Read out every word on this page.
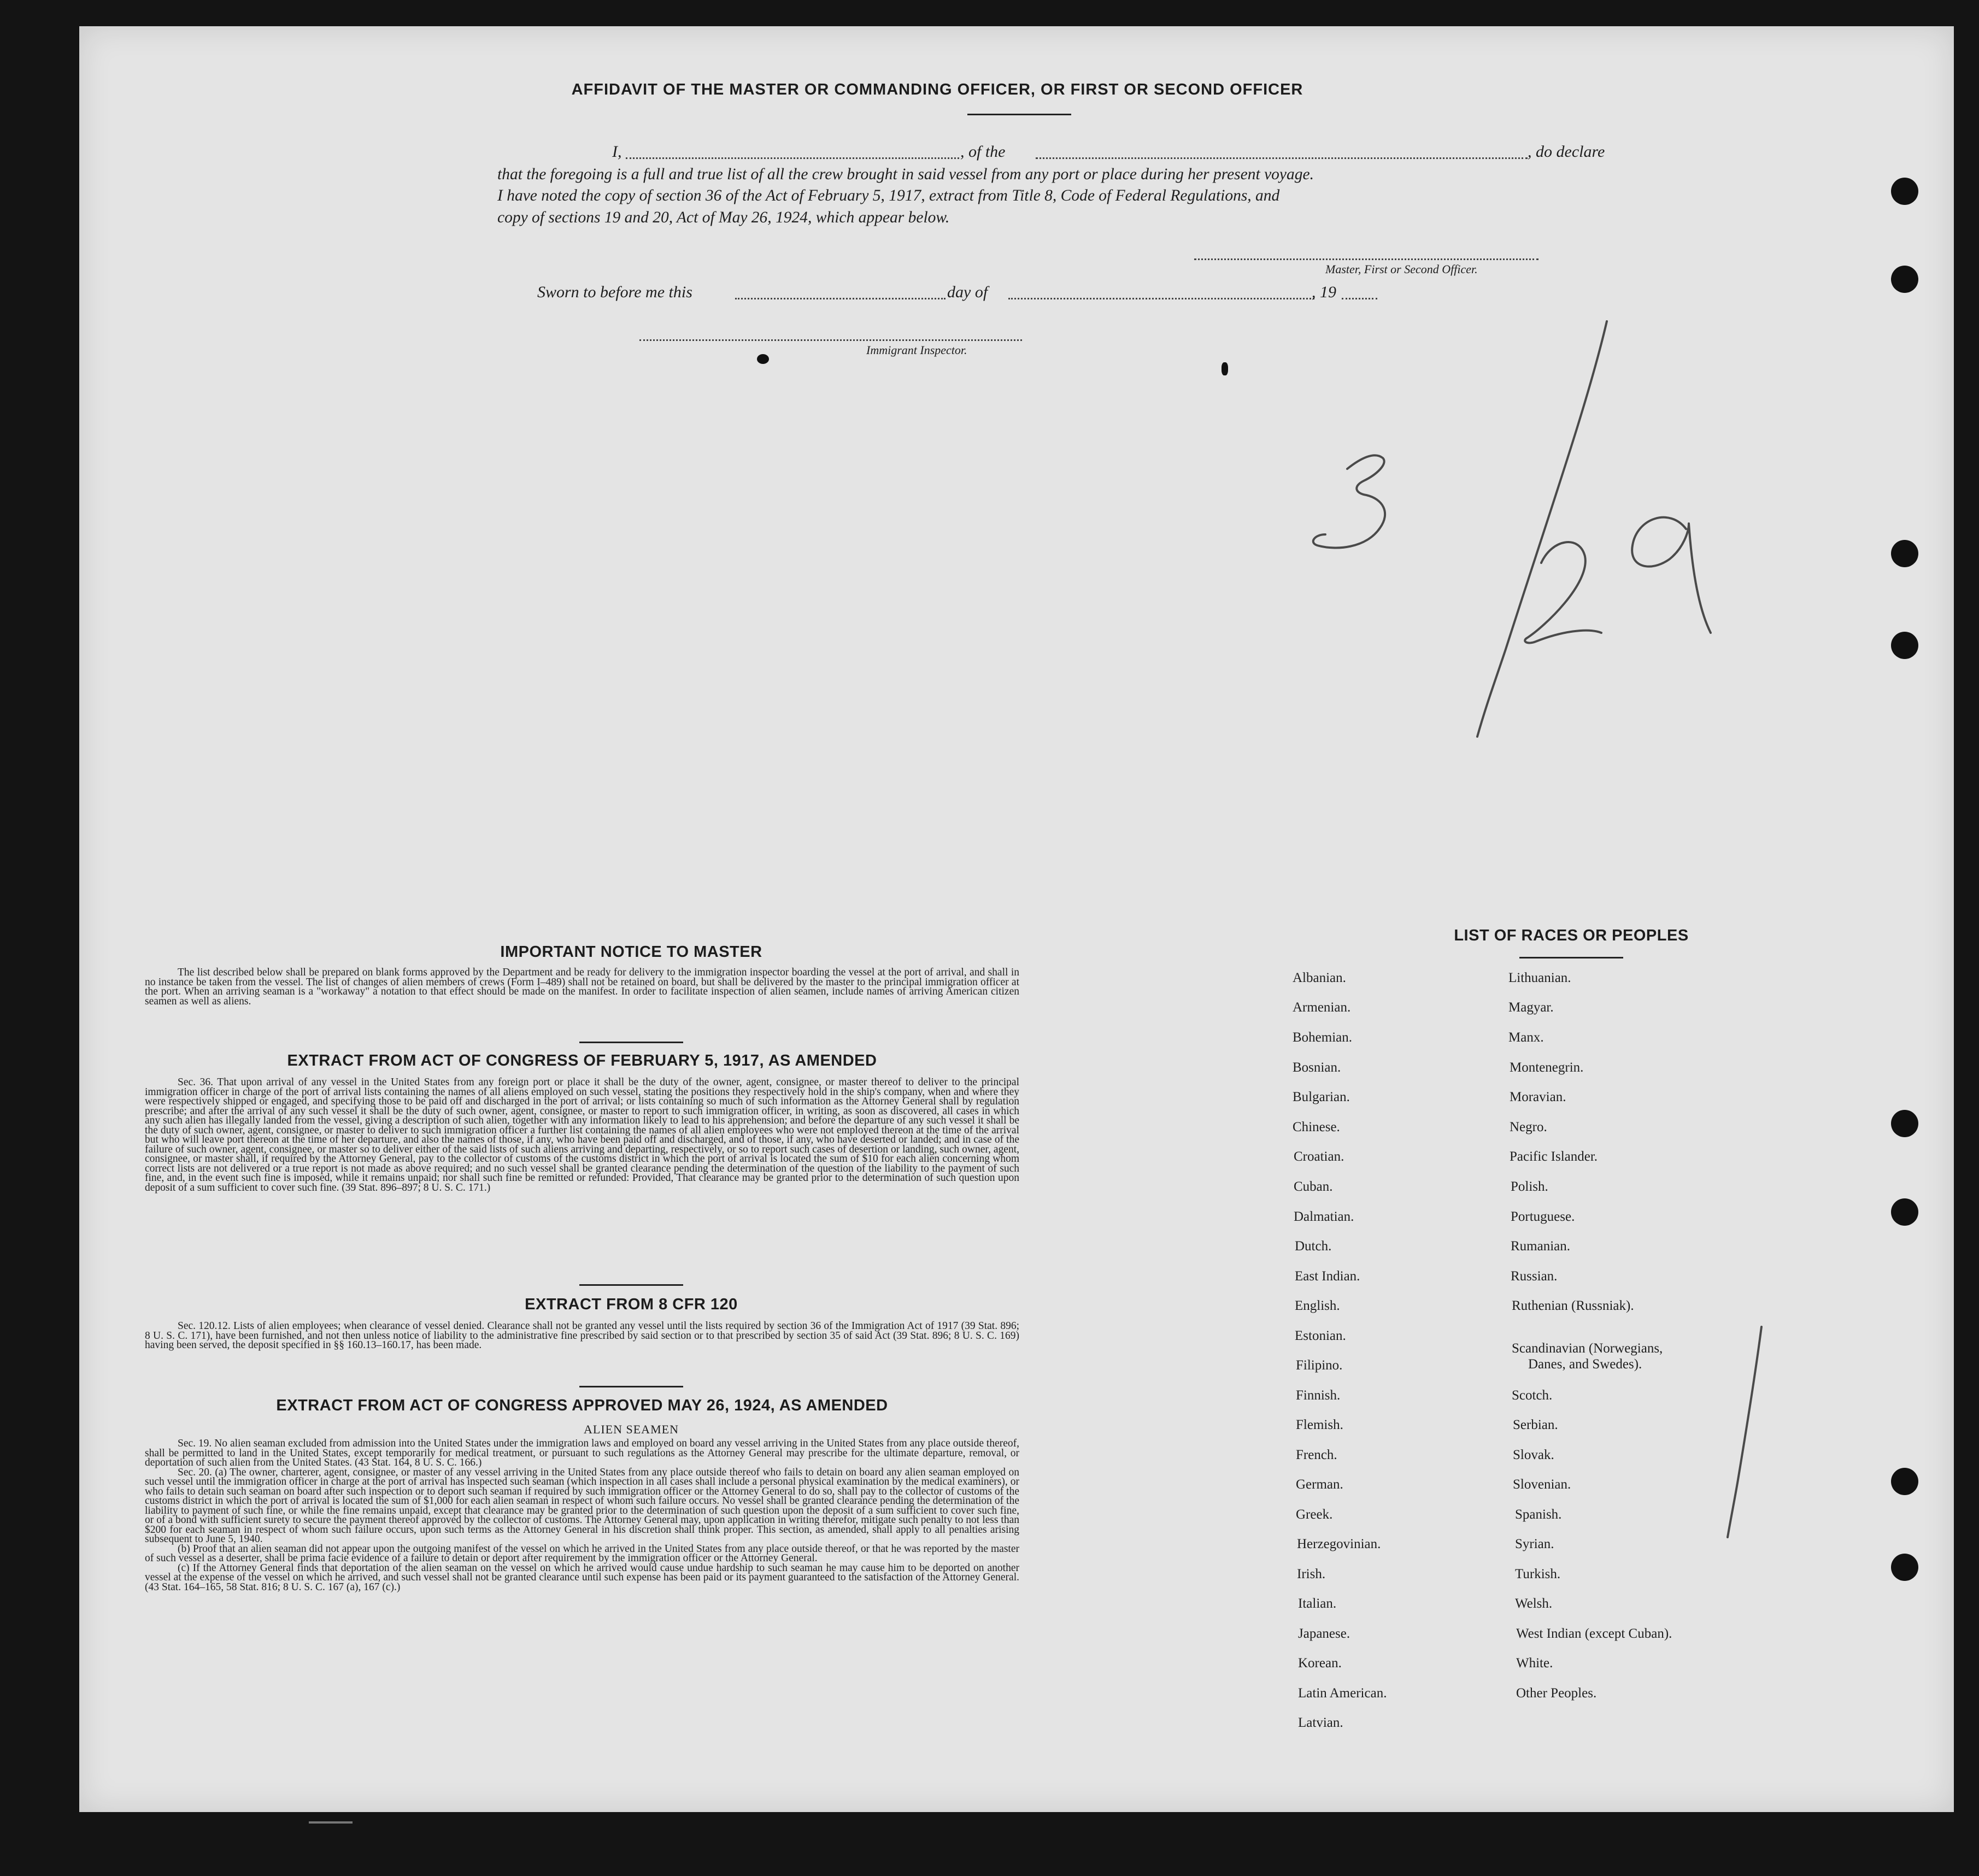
AFFIDAVIT OF THE MASTER OR COMMANDING OFFICER, OR FIRST OR SECOND OFFICER
I,	, of the	, do declare
that the foregoing is a full and true list of all the crew brought in said vessel from any port or place during her present voyage.
I have noted the copy of section 36 of the Act of February 5, 1917, extract from Title 8, Code of Federal Regulations, and
copy of sections 19 and 20, Act of May 26, 1924, which appear below.
Master, First or Second Officer.
Sworn to before me this	day of	, 19
Immigrant Inspector.
IMPORTANT NOTICE TO MASTER
The list described below shall be prepared on blank forms approved by the Department and be ready for delivery to the immigration inspector boarding the vessel at the port of arrival, and shall in no instance be taken from the vessel. The list of changes of alien members of crews (Form I–489) shall not be retained on board, but shall be delivered by the master to the principal immigration officer at the port. When an arriving seaman is a "workaway" a notation to that effect should be made on the manifest. In order to facilitate inspection of alien seamen, include names of arriving American citizen seamen as well as aliens.
EXTRACT FROM ACT OF CONGRESS OF FEBRUARY 5, 1917, AS AMENDED
Sec. 36. That upon arrival of any vessel in the United States from any foreign port or place it shall be the duty of the owner, agent, consignee, or master thereof to deliver to the principal immigration officer in charge of the port of arrival lists containing the names of all aliens employed on such vessel, stating the positions they respectively hold in the ship's company, when and where they were respectively shipped or engaged, and specifying those to be paid off and discharged in the port of arrival; or lists containing so much of such information as the Attorney General shall by regulation prescribe; and after the arrival of any such vessel it shall be the duty of such owner, agent, consignee, or master to report to such immigration officer, in writing, as soon as discovered, all cases in which any such alien has illegally landed from the vessel, giving a description of such alien, together with any information likely to lead to his apprehension; and before the departure of any such vessel it shall be the duty of such owner, agent, consignee, or master to deliver to such immigration officer a further list containing the names of all alien employees who were not employed thereon at the time of the arrival but who will leave port thereon at the time of her departure, and also the names of those, if any, who have been paid off and discharged, and of those, if any, who have deserted or landed; and in case of the failure of such owner, agent, consignee, or master so to deliver either of the said lists of such aliens arriving and departing, respectively, or so to report such cases of desertion or landing, such owner, agent, consignee, or master shall, if required by the Attorney General, pay to the collector of customs of the customs district in which the port of arrival is located the sum of $10 for each alien concerning whom correct lists are not delivered or a true report is not made as above required; and no such vessel shall be granted clearance pending the determination of the question of the liability to the payment of such fine, and, in the event such fine is imposed, while it remains unpaid; nor shall such fine be remitted or refunded: Provided, That clearance may be granted prior to the determination of such question upon deposit of a sum sufficient to cover such fine. (39 Stat. 896–897; 8 U. S. C. 171.)
EXTRACT FROM 8 CFR 120
Sec. 120.12. Lists of alien employees; when clearance of vessel denied. Clearance shall not be granted any vessel until the lists required by section 36 of the Immigration Act of 1917 (39 Stat. 896; 8 U. S. C. 171), have been furnished, and not then unless notice of liability to the administrative fine prescribed by said section or to that prescribed by section 35 of said Act (39 Stat. 896; 8 U. S. C. 169) having been served, the deposit specified in §§ 160.13–160.17, has been made.
EXTRACT FROM ACT OF CONGRESS APPROVED MAY 26, 1924, AS AMENDED
ALIEN SEAMEN
Sec. 19. No alien seaman excluded from admission into the United States under the immigration laws and employed on board any vessel arriving in the United States from any place outside thereof, shall be permitted to land in the United States, except temporarily for medical treatment, or pursuant to such regulations as the Attorney General may prescribe for the ultimate departure, removal, or deportation of such alien from the United States. (43 Stat. 164, 8 U. S. C. 166.)
Sec. 20. (a) The owner, charterer, agent, consignee, or master of any vessel arriving in the United States from any place outside thereof who fails to detain on board any alien seaman employed on such vessel until the immigration officer in charge at the port of arrival has inspected such seaman (which inspection in all cases shall include a personal physical examination by the medical examiners), or who fails to detain such seaman on board after such inspection or to deport such seaman if required by such immigration officer or the Attorney General to do so, shall pay to the collector of customs of the customs district in which the port of arrival is located the sum of $1,000 for each alien seaman in respect of whom such failure occurs. No vessel shall be granted clearance pending the determination of the liability to payment of such fine, or while the fine remains unpaid, except that clearance may be granted prior to the determination of such question upon the deposit of a sum sufficient to cover such fine, or of a bond with sufficient surety to secure the payment thereof approved by the collector of customs. The Attorney General may, upon application in writing therefor, mitigate such penalty to not less than $200 for each seaman in respect of whom such failure occurs, upon such terms as the Attorney General in his discretion shall think proper. This section, as amended, shall apply to all penalties arising subsequent to June 5, 1940.
(b) Proof that an alien seaman did not appear upon the outgoing manifest of the vessel on which he arrived in the United States from any place outside thereof, or that he was reported by the master of such vessel as a deserter, shall be prima facie evidence of a failure to detain or deport after requirement by the immigration officer or the Attorney General.
(c) If the Attorney General finds that deportation of the alien seaman on the vessel on which he arrived would cause undue hardship to such seaman he may cause him to be deported on another vessel at the expense of the vessel on which he arrived, and such vessel shall not be granted clearance until such expense has been paid or its payment guaranteed to the satisfaction of the Attorney General. (43 Stat. 164–165, 58 Stat. 816; 8 U. S. C. 167 (a), 167 (c).)
LIST OF RACES OR PEOPLES
Albanian.
Armenian.
Bohemian.
Bosnian.
Bulgarian.
Chinese.
Croatian.
Cuban.
Dalmatian.
Dutch.
East Indian.
English.
Estonian.
Filipino.
Finnish.
Flemish.
French.
German.
Greek.
Herzegovinian.
Irish.
Italian.
Japanese.
Korean.
Latin American.
Latvian.
Lithuanian.
Magyar.
Manx.
Montenegrin.
Moravian.
Negro.
Pacific Islander.
Polish.
Portuguese.
Rumanian.
Russian.
Ruthenian (Russniak).
Scandinavian (Norwegians,
Danes, and Swedes).
Scotch.
Serbian.
Slovak.
Slovenian.
Spanish.
Syrian.
Turkish.
Welsh.
West Indian (except Cuban).
White.
Other Peoples.
